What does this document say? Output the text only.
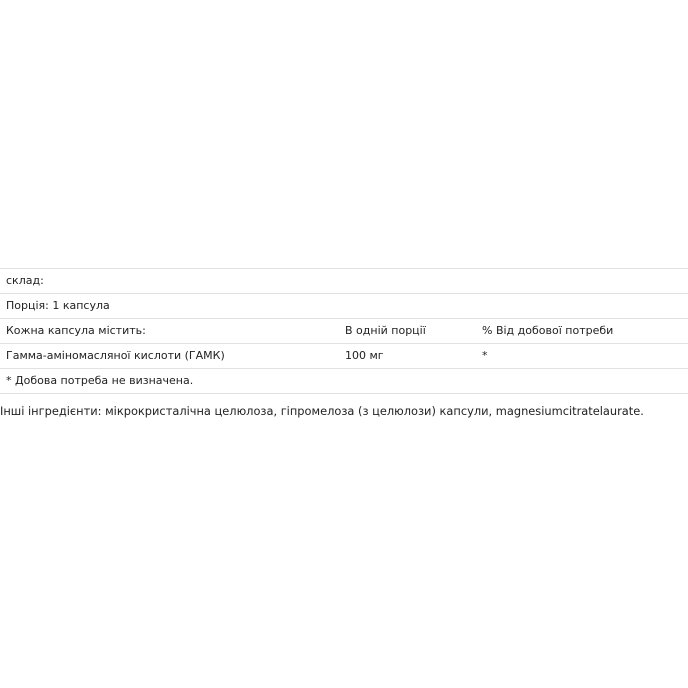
склад:
Порція: 1 капсула
Кожна капсула містить:	В одній порції	% Від добової потреби
Гамма-аміномасляної кислоти (ГАМК)	100 мг	*
* Добова потреба не визначена.
Інші інгредієнти: мікрокристалічна целюлоза, гіпромелоза (з целюлози) капсули, magnesiumcitratelaurate.
